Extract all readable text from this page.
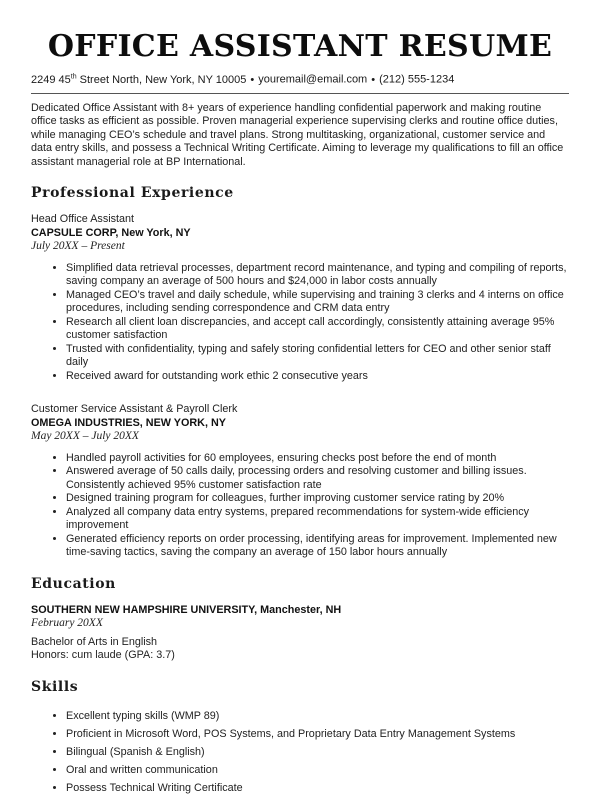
OFFICE ASSISTANT RESUME
2249 45th Street North, New York, NY 10005 • youremail@email.com • (212) 555-1234

Dedicated Office Assistant with 8+ years of experience handling confidential paperwork and making routine office tasks as efficient as possible. Proven managerial experience supervising clerks and routine office duties, while managing CEO’s schedule and travel plans. Strong multitasking, organizational, customer service and data entry skills, and possess a Technical Writing Certificate. Aiming to leverage my qualifications to fill an office assistant managerial role at BP International.

Professional Experience
Head Office Assistant
CAPSULE CORP, New York, NY
July 20XX – Present
• Simplified data retrieval processes, department record maintenance, and typing and compiling of reports, saving company an average of 500 hours and $24,000 in labor costs annually
• Managed CEO’s travel and daily schedule, while supervising and training 3 clerks and 4 interns on office procedures, including sending correspondence and CRM data entry
• Research all client loan discrepancies, and accept call accordingly, consistently attaining average 95% customer satisfaction
• Trusted with confidentiality, typing and safely storing confidential letters for CEO and other senior staff daily
• Received award for outstanding work ethic 2 consecutive years
Customer Service Assistant & Payroll Clerk
OMEGA INDUSTRIES, NEW YORK, NY
May 20XX – July 20XX
• Handled payroll activities for 60 employees, ensuring checks post before the end of month
• Answered average of 50 calls daily, processing orders and resolving customer and billing issues. Consistently achieved 95% customer satisfaction rate
• Designed training program for colleagues, further improving customer service rating by 20%
• Analyzed all company data entry systems, prepared recommendations for system-wide efficiency improvement
• Generated efficiency reports on order processing, identifying areas for improvement. Implemented new time-saving tactics, saving the company an average of 150 labor hours annually
Education
SOUTHERN NEW HAMPSHIRE UNIVERSITY, Manchester, NH
February 20XX
Bachelor of Arts in English
Honors: cum laude (GPA: 3.7)
Skills
• Excellent typing skills (WMP 89)
• Proficient in Microsoft Word, POS Systems, and Proprietary Data Entry Management Systems
• Bilingual (Spanish & English)
• Oral and written communication
• Possess Technical Writing Certificate
